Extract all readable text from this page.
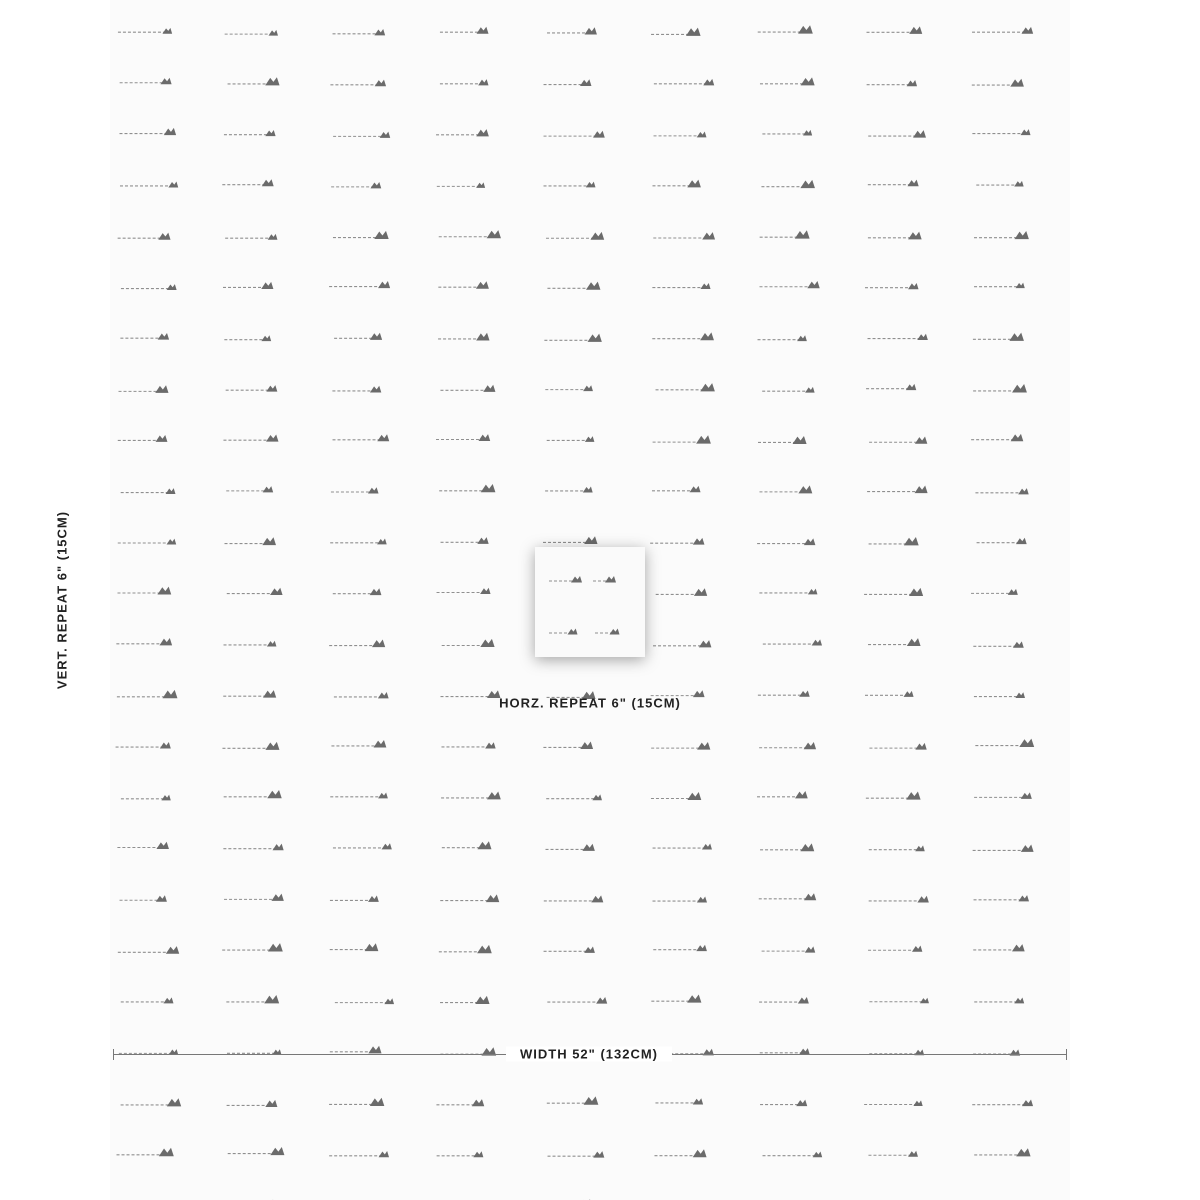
VERT. REPEAT 6" (15CM)
HORZ. REPEAT 6" (15CM)
WIDTH 52" (132CM)
